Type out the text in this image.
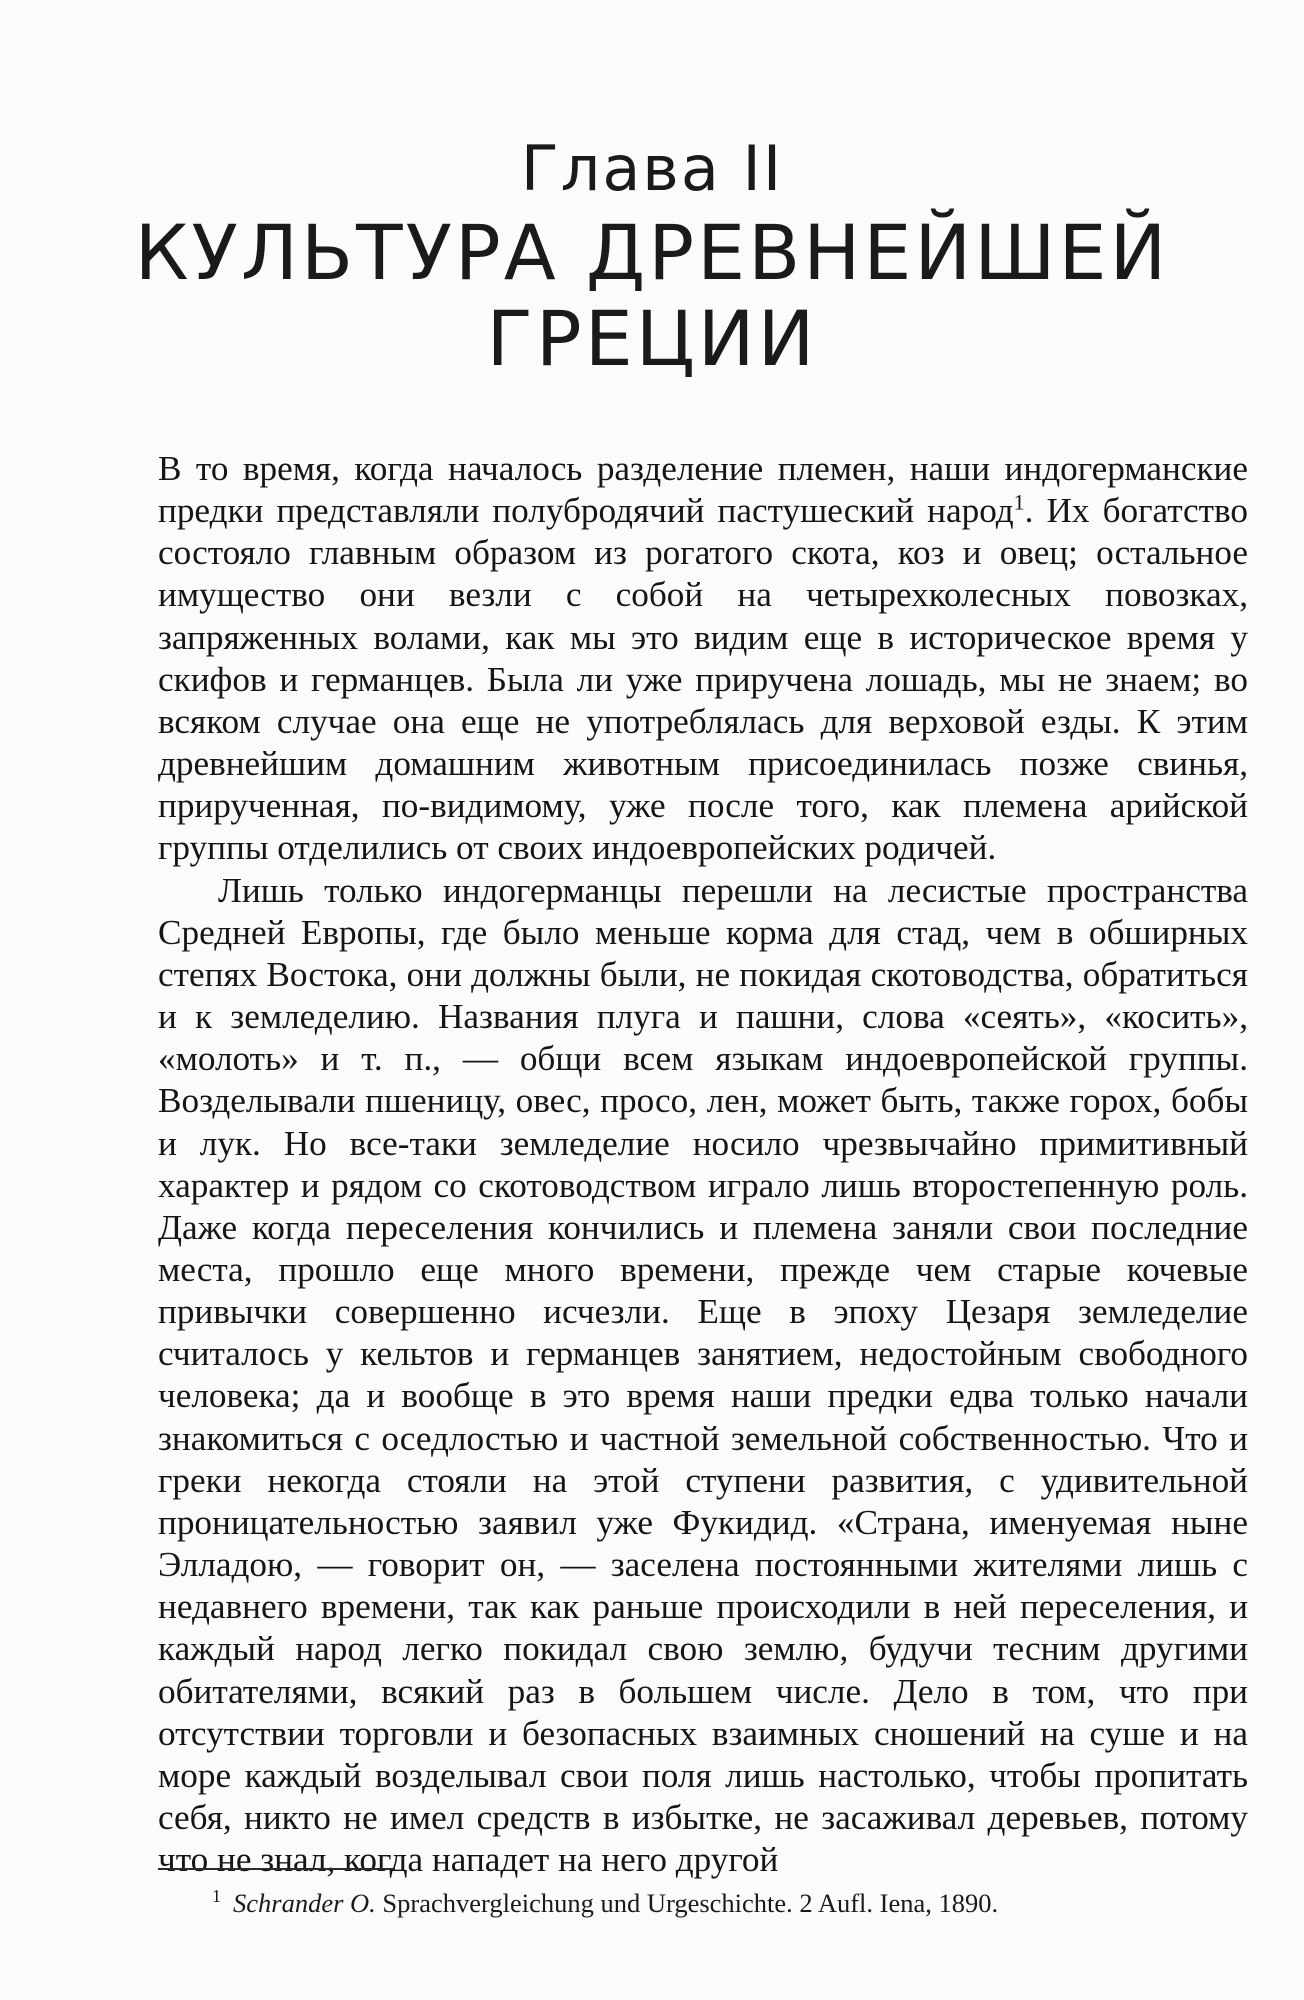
Глава II
КУЛЬТУРА ДРЕВНЕЙШЕЙ
ГРЕЦИИ

В то время, когда началось разделение племен, наши индогерманские предки представляли полубродячий пастушеский народ$^1$. Их богатство состояло главным образом из рогатого скота, коз и овец; остальное имущество они везли с собой на четырехколесных повозках, запряженных волами, как мы это видим еще в историческое время у скифов и германцев. Была ли уже приручена лошадь, мы не знаем; во всяком случае она еще не употреблялась для верховой езды. К этим древнейшим домашним животным присоединилась позже свинья, прирученная, по-видимому, уже после того, как племена арийской группы отделились от своих индоевропейских родичей.

Лишь только индогерманцы перешли на лесистые пространства Средней Европы, где было меньше корма для стад, чем в обширных степях Востока, они должны были, не покидая скотоводства, обратиться и к земледелию. Названия плуга и пашни, слова «сеять», «косить», «молоть» и т. п., — общи всем языкам индоевропейской группы. Возделывали пшеницу, овес, просо, лен, может быть, также горох, бобы и лук. Но все-таки земледелие носило чрезвычайно примитивный характер и рядом со скотоводством играло лишь второстепенную роль. Даже когда переселения кончились и племена заняли свои последние места, прошло еще много времени, прежде чем старые кочевые привычки совершенно исчезли. Еще в эпоху Цезаря земледелие считалось у кельтов и германцев занятием, недостойным свободного человека; да и вообще в это время наши предки едва только начали знакомиться с оседлостью и частной земельной собственностью. Что и греки некогда стояли на этой ступени развития, с удивительной проницательностью заявил уже Фукидид. «Страна, именуемая ныне Элладою, — говорит он, — заселена постоянными жителями лишь с недавнего времени, так как раньше происходили в ней переселения, и каждый народ легко покидал свою землю, будучи тесним другими обитателями, всякий раз в большем числе. Дело в том, что при отсутствии торговли и безопасных взаимных сношений на суше и на море каждый возделывал свои поля лишь настолько, чтобы пропитать себя, никто не имел средств в избытке, не засаживал деревьев, потому что не знал, когда нападет на него другой

$^1$ Schrander O. Sprachvergleichung und Urgeschichte. 2 Aufl. Iena, 1890.
